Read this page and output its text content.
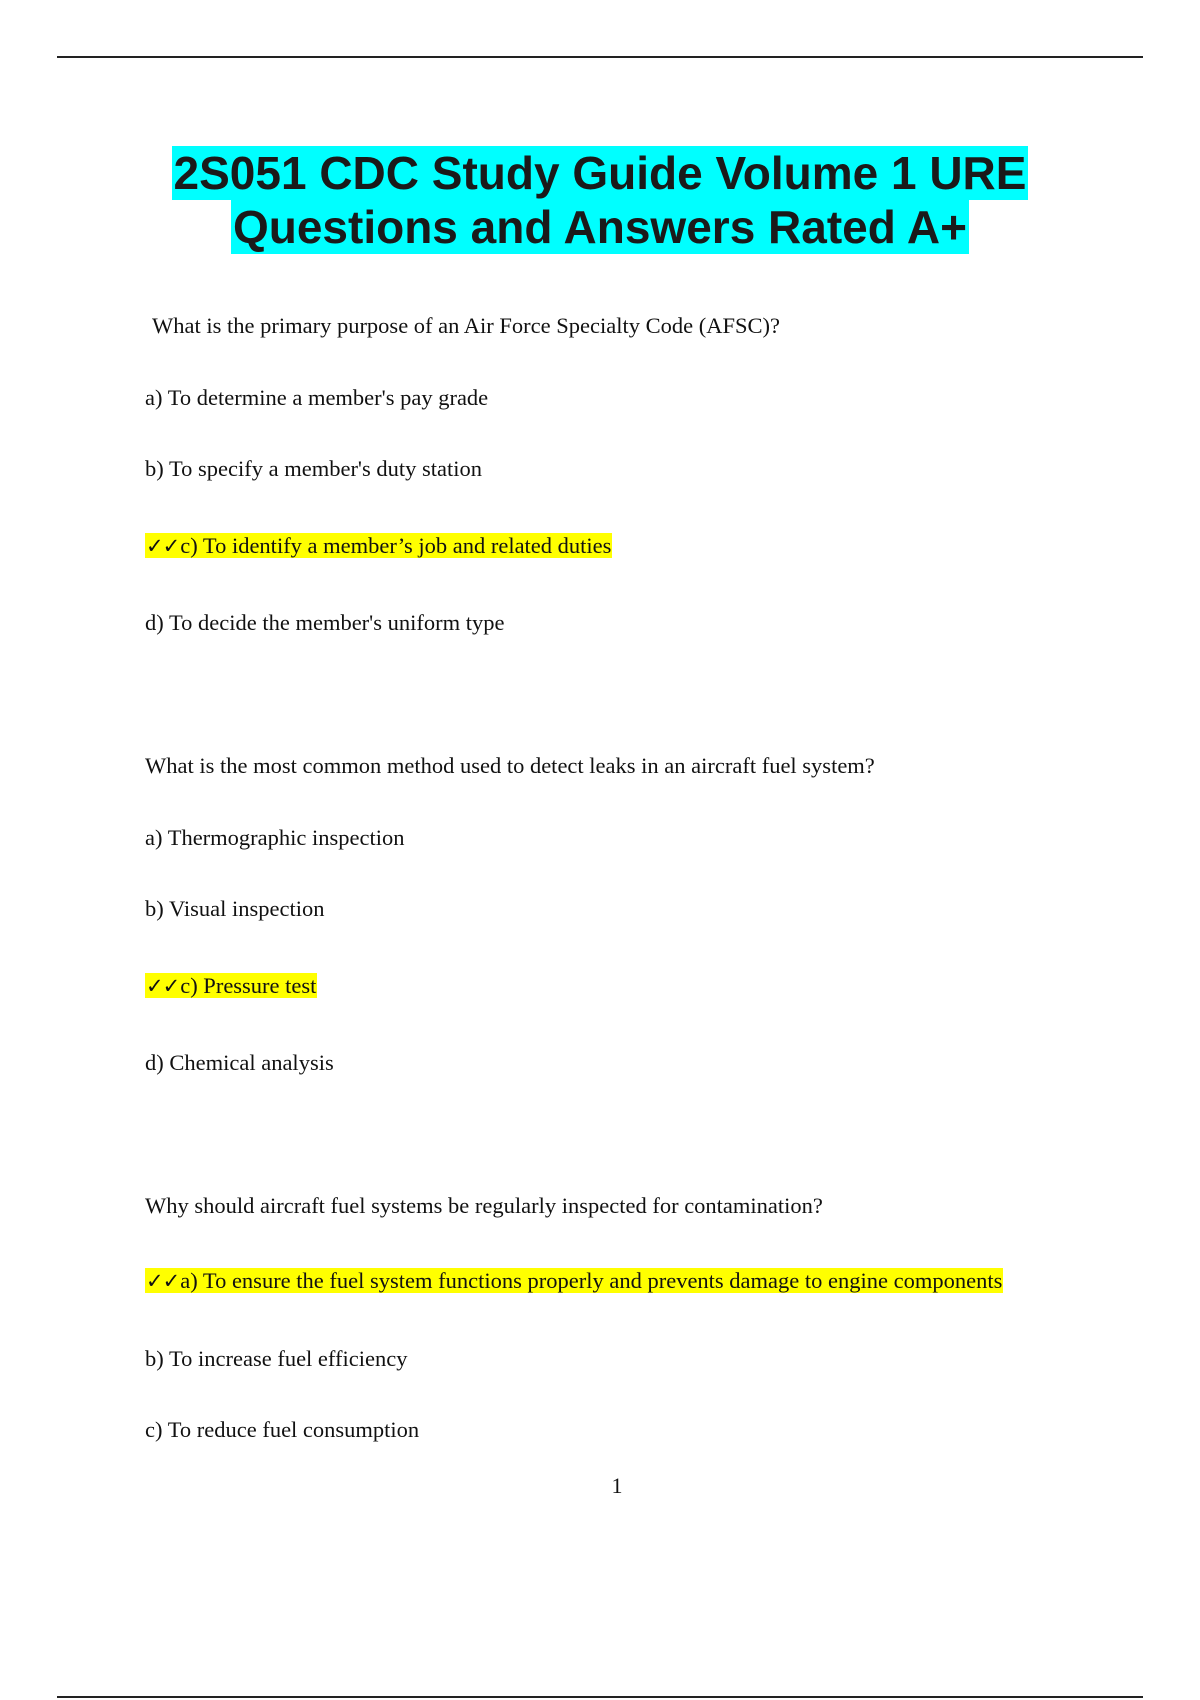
2S051 CDC Study Guide Volume 1 URE
Questions and Answers Rated A+
What is the primary purpose of an Air Force Specialty Code (AFSC)?
a) To determine a member's pay grade
b) To specify a member's duty station
✓✓c) To identify a member’s job and related duties
d) To decide the member's uniform type
What is the most common method used to detect leaks in an aircraft fuel system?
a) Thermographic inspection
b) Visual inspection
✓✓c) Pressure test
d) Chemical analysis
Why should aircraft fuel systems be regularly inspected for contamination?
✓✓a) To ensure the fuel system functions properly and prevents damage to engine components
b) To increase fuel efficiency
c) To reduce fuel consumption
1
